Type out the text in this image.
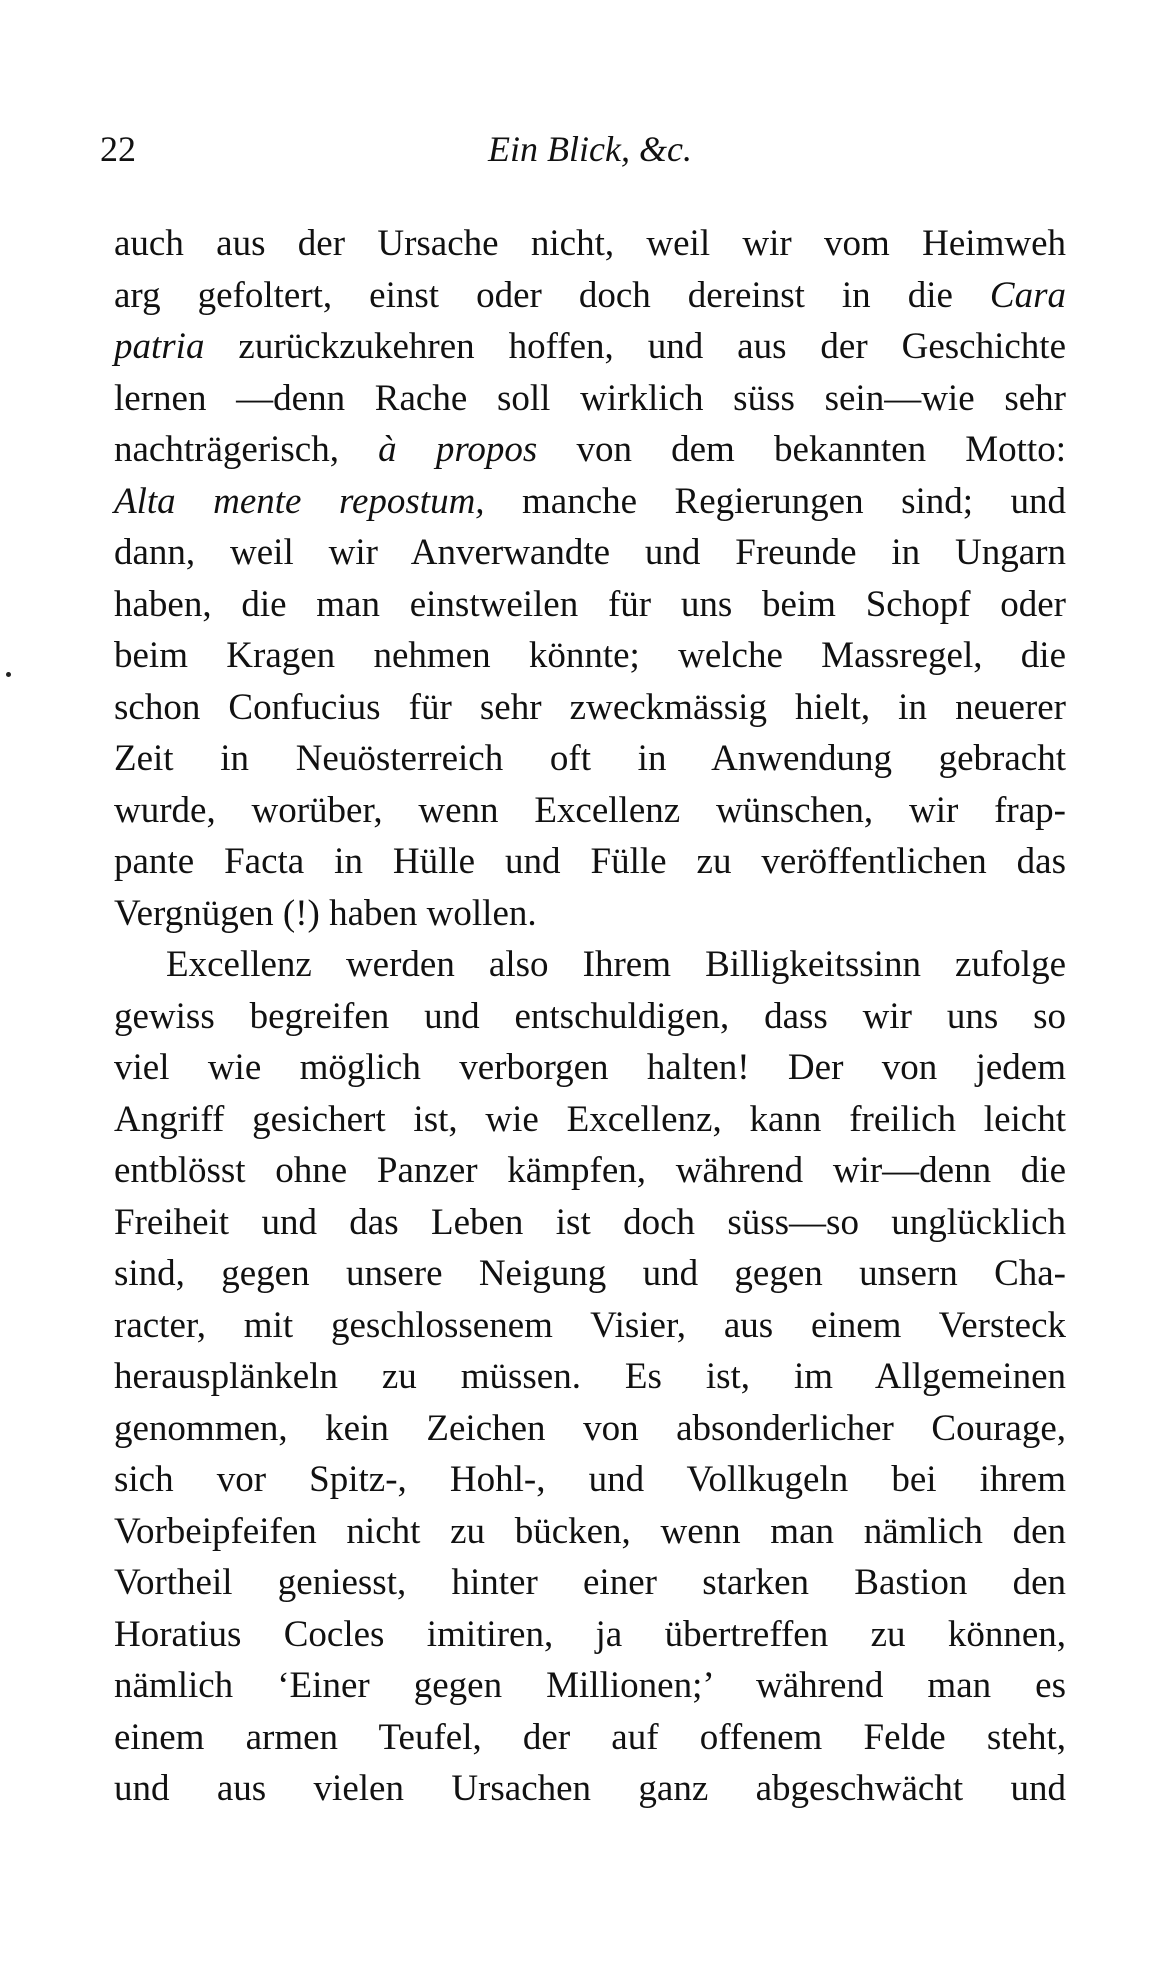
22	Ein Blick, &c.
auch aus der Ursache nicht, weil wir vom Heimweh
arg gefoltert, einst oder doch dereinst in die Cara
patria zurückzukehren hoffen, und aus der Geschichte
lernen —denn Rache soll wirklich süss sein—wie sehr
nachträgerisch, à propos von dem bekannten Motto:
Alta mente repostum, manche Regierungen sind; und
dann, weil wir Anverwandte und Freunde in Ungarn
haben, die man einstweilen für uns beim Schopf oder
beim Kragen nehmen könnte; welche Massregel, die
schon Confucius für sehr zweckmässig hielt, in neuerer
Zeit in Neuösterreich oft in Anwendung gebracht
wurde, worüber, wenn Excellenz wünschen, wir frap-
pante Facta in Hülle und Fülle zu veröffentlichen das
Vergnügen (!) haben wollen.
Excellenz werden also Ihrem Billigkeitssinn zufolge
gewiss begreifen und entschuldigen, dass wir uns so
viel wie möglich verborgen halten! Der von jedem
Angriff gesichert ist, wie Excellenz, kann freilich leicht
entblösst ohne Panzer kämpfen, während wir—denn die
Freiheit und das Leben ist doch süss—so unglücklich
sind, gegen unsere Neigung und gegen unsern Cha-
racter, mit geschlossenem Visier, aus einem Versteck
herausplänkeln zu müssen. Es ist, im Allgemeinen
genommen, kein Zeichen von absonderlicher Courage,
sich vor Spitz-, Hohl-, und Vollkugeln bei ihrem
Vorbeipfeifen nicht zu bücken, wenn man nämlich den
Vortheil geniesst, hinter einer starken Bastion den
Horatius Cocles imitiren, ja übertreffen zu können,
nämlich ‘Einer gegen Millionen;’ während man es
einem armen Teufel, der auf offenem Felde steht,
und aus vielen Ursachen ganz abgeschwächt und
